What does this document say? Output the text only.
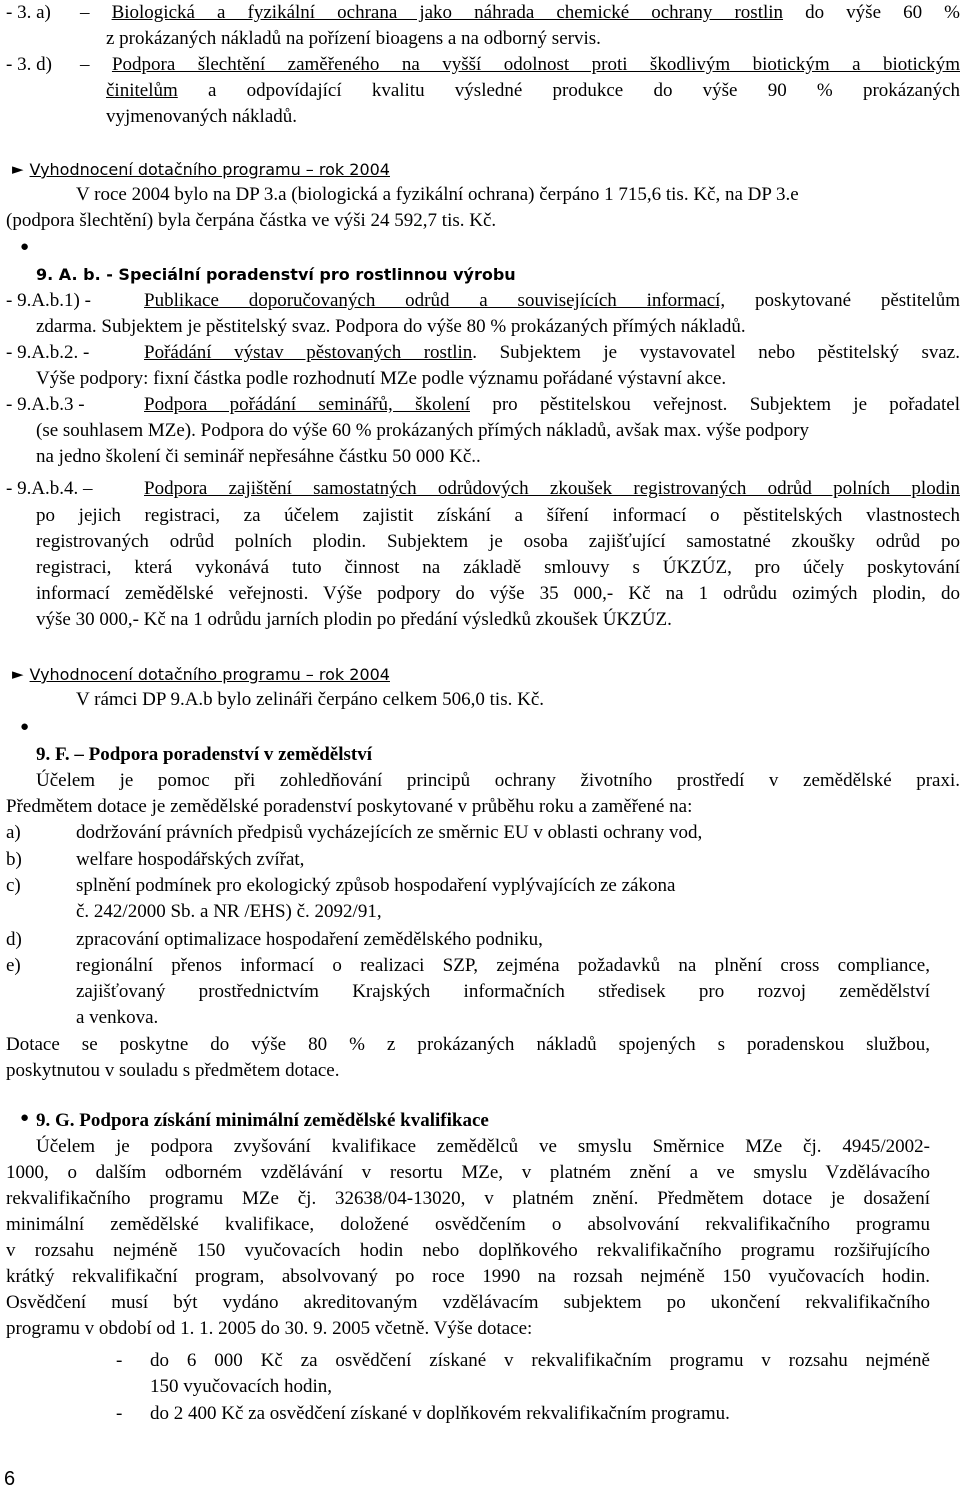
- 3. a) – Biologická a fyzikální ochrana jako náhrada chemické ochrany rostlin do výše 60 %
z prokázaných nákladů na pořízení bioagens a na odborný servis.
- 3. d) – Podpora šlechtění zaměřeného na vyšší odolnost proti škodlivým biotickým a biotickým
činitelům a odpovídající kvalitu výsledné produkce do výše 90 % prokázaných
vyjmenovaných nákladů.
► Vyhodnocení dotačního programu – rok 2004
V roce 2004 bylo na DP 3.a (biologická a fyzikální ochrana) čerpáno 1 715,6 tis. Kč, na DP 3.e
(podpora šlechtění) byla čerpána částka ve výši 24 592,7 tis. Kč.
●
9. A. b. - Speciální poradenství pro rostlinnou výrobu
- 9.A.b.1) -	Publikace doporučovaných odrůd a souvisejících informací, poskytované pěstitelům
zdarma. Subjektem je pěstitelský svaz. Podpora do výše 80 % prokázaných přímých nákladů.
- 9.A.b.2. -	Pořádání výstav pěstovaných rostlin. Subjektem je vystavovatel nebo pěstitelský svaz.
Výše podpory: fixní částka podle rozhodnutí MZe podle významu pořádané výstavní akce.
- 9.A.b.3 -	Podpora pořádání seminářů, školení pro pěstitelskou veřejnost. Subjektem je pořadatel
(se souhlasem MZe). Podpora do výše 60 % prokázaných přímých nákladů, avšak max. výše podpory
na jedno školení či seminář nepřesáhne částku 50 000 Kč..
- 9.A.b.4. –	Podpora zajištění samostatných odrůdových zkoušek registrovaných odrůd polních plodin
po jejich registraci, za účelem zajistit získání a šíření informací o pěstitelských vlastnostech
registrovaných odrůd polních plodin. Subjektem je osoba zajišťující samostatné zkoušky odrůd po
registraci, která vykonává tuto činnost na základě smlouvy s ÚKZÚZ, pro účely poskytování
informací zemědělské veřejnosti. Výše podpory do výše 35 000,- Kč na 1 odrůdu ozimých plodin, do
výše 30 000,- Kč na 1 odrůdu jarních plodin po předání výsledků zkoušek ÚKZÚZ.
► Vyhodnocení dotačního programu – rok 2004
V rámci DP 9.A.b bylo zelináři čerpáno celkem 506,0 tis. Kč.
●
9. F. – Podpora poradenství v zemědělství
Účelem je pomoc při zohledňování principů ochrany životního prostředí v zemědělské praxi.
Předmětem dotace je zemědělské poradenství poskytované v průběhu roku a zaměřené na:
a)	dodržování právních předpisů vycházejících ze směrnic EU v oblasti ochrany vod,
b)	welfare hospodářských zvířat,
c)	splnění podmínek pro ekologický způsob hospodaření vyplývajících ze zákona
č. 242/2000 Sb. a NR /EHS) č. 2092/91,
d)	zpracování optimalizace hospodaření zemědělského podniku,
e)	regionální přenos informací o realizaci SZP, zejména požadavků na plnění cross compliance,
zajišťovaný prostřednictvím Krajských informačních středisek pro rozvoj zemědělství
a venkova.
Dotace se poskytne do výše 80 % z prokázaných nákladů spojených s poradenskou službou,
poskytnutou v souladu s předmětem dotace.
● 9. G. Podpora získání minimální zemědělské kvalifikace
Účelem je podpora zvyšování kvalifikace zemědělců ve smyslu Směrnice MZe čj. 4945/2002-
1000, o dalším odborném vzdělávání v resortu MZe, v platném znění a ve smyslu Vzdělávacího
rekvalifikačního programu MZe čj. 32638/04-13020, v platném znění. Předmětem dotace je dosažení
minimální zemědělské kvalifikace, doložené osvědčením o absolvování rekvalifikačního programu
v rozsahu nejméně 150 vyučovacích hodin nebo doplňkového rekvalifikačního programu rozšiřujícího
krátký rekvalifikační program, absolvovaný po roce 1990 na rozsah nejméně 150 vyučovacích hodin.
Osvědčení musí být vydáno akreditovaným vzdělávacím subjektem po ukončení rekvalifikačního
programu v období od 1. 1. 2005 do 30. 9. 2005 včetně. Výše dotace:
- do 6 000 Kč za osvědčení získané v rekvalifikačním programu v rozsahu nejméně
150 vyučovacích hodin,
- do 2 400 Kč za osvědčení získané v doplňkovém rekvalifikačním programu.
6
